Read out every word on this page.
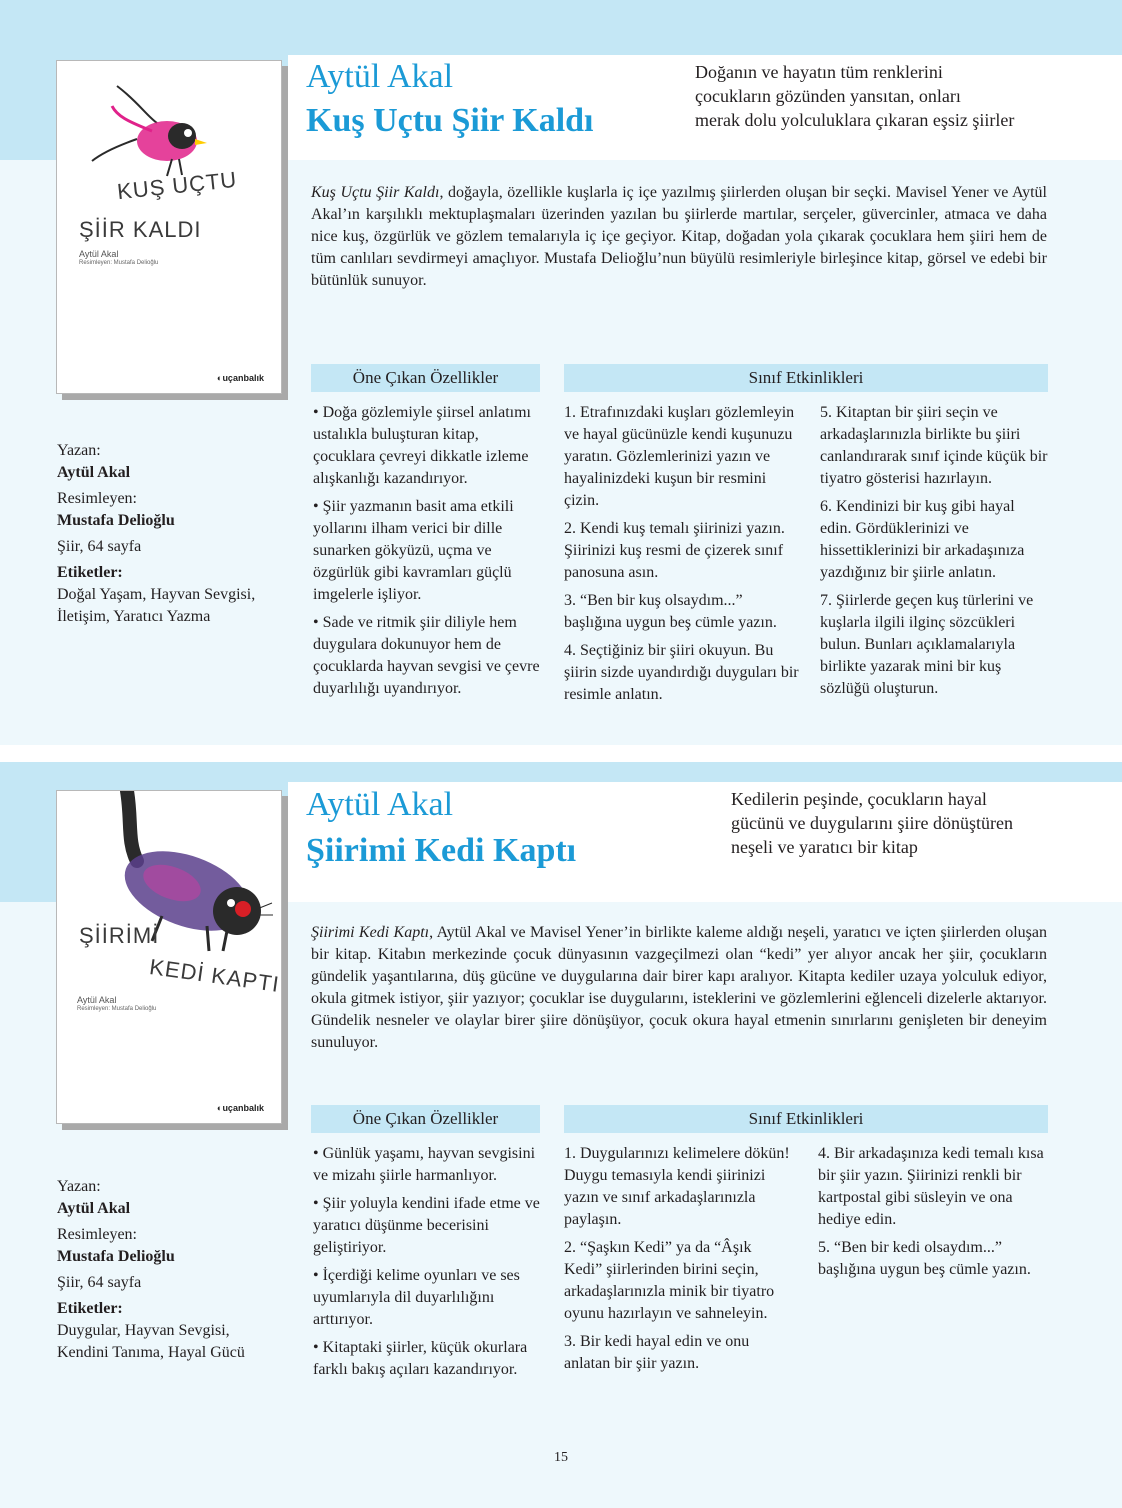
Aytül Akal
Kuş Uçtu Şiir Kaldı
Doğanın ve hayatın tüm renklerini
çocukların gözünden yansıtan, onları
merak dolu yolculuklara çıkaran eşsiz şiirler
KUŞ UÇTU
ŞİİR KALDI
Aytül Akal
Resimleyen: Mustafa Delioğlu
◐uçanbalık
Kuş Uçtu Şiir Kaldı, doğayla, özellikle kuşlarla iç içe yazılmış şiirlerden oluşan bir seçki. Mavisel Yener ve Aytül Akal’ın karşılıklı mektuplaşmaları üzerinden yazılan bu şiirlerde martılar, serçeler, güvercinler, atmaca ve daha nice kuş, özgürlük ve gözlem temalarıyla iç içe geçiyor. Kitap, doğadan yola çıkarak çocuklara hem şiiri hem de tüm canlıları sevdirmeyi amaçlıyor. Mustafa Delioğlu’nun büyülü resimleriyle birleşince kitap, görsel ve edebi bir bütünlük sunuyor.
Yazan:
Aytül Akal
Resimleyen:
Mustafa Delioğlu
Şiir, 64 sayfa
Etiketler:
Doğal Yaşam, Hayvan Sevgisi, İletişim, Yaratıcı Yazma
Öne Çıkan Özellikler	Sınıf Etkinlikleri

• Doğa gözlemiyle şiirsel anlatımı ustalıkla buluşturan kitap, çocuklara çevreyi dikkatle izleme alışkanlığı kazandırıyor.

• Şiir yazmanın basit ama etkili yollarını ilham verici bir dille sunarken gökyüzü, uçma ve özgürlük gibi kavramları güçlü imgelerle işliyor.

• Sade ve ritmik şiir diliyle hem duygulara dokunuyor hem de çocuklarda hayvan sevgisi ve çevre duyarlılığı uyandırıyor.

1. Etrafınızdaki kuşları gözlemleyin ve hayal gücünüzle kendi kuşunuzu yaratın. Gözlemlerinizi yazın ve hayalinizdeki kuşun bir resmini çizin.

2. Kendi kuş temalı şiirinizi yazın. Şiirinizi kuş resmi de çizerek sınıf panosuna asın.

3. “Ben bir kuş olsaydım...” başlığına uygun beş cümle yazın.

4. Seçtiğiniz bir şiiri okuyun. Bu şiirin sizde uyandırdığı duyguları bir resimle anlatın.

5. Kitaptan bir şiiri seçin ve arkadaşlarınızla birlikte bu şiiri canlandırarak sınıf içinde küçük bir tiyatro gösterisi hazırlayın.

6. Kendinizi bir kuş gibi hayal edin. Gördüklerinizi ve hissettiklerinizi bir arkadaşınıza yazdığınız bir şiirle anlatın.

7. Şiirlerde geçen kuş türlerini ve kuşlarla ilgili ilginç sözcükleri bulun. Bunları açıklamalarıyla birlikte yazarak mini bir kuş sözlüğü oluşturun.

Aytül Akal
Şiirimi Kedi Kaptı
Kedilerin peşinde, çocukların hayal
gücünü ve duygularını şiire dönüştüren
neşeli ve yaratıcı bir kitap
ŞİİRİMİ
KEDİ KAPTI
Aytül Akal
Resimleyen: Mustafa Delioğlu
◐uçanbalık
Şiirimi Kedi Kaptı, Aytül Akal ve Mavisel Yener’in birlikte kaleme aldığı neşeli, yaratıcı ve içten şiirlerden oluşan bir kitap. Kitabın merkezinde çocuk dünyasının vazgeçilmezi olan “kedi” yer alıyor ancak her şiir, çocukların gündelik yaşantılarına, düş gücüne ve duygularına dair birer kapı aralıyor. Kitapta kediler uzaya yolculuk ediyor, okula gitmek istiyor, şiir yazıyor; çocuklar ise duygularını, isteklerini ve gözlemlerini eğlenceli dizelerle aktarıyor. Gündelik nesneler ve olaylar birer şiire dönüşüyor, çocuk okura hayal etmenin sınırlarını genişleten bir deneyim sunuluyor.
Yazan:
Aytül Akal
Resimleyen:
Mustafa Delioğlu
Şiir, 64 sayfa
Etiketler:
Duygular, Hayvan Sevgisi, Kendini Tanıma, Hayal Gücü
Öne Çıkan Özellikler	Sınıf Etkinlikleri

• Günlük yaşamı, hayvan sevgisini ve mizahı şiirle harmanlıyor.

• Şiir yoluyla kendini ifade etme ve yaratıcı düşünme becerisini geliştiriyor.

• İçerdiği kelime oyunları ve ses uyumlarıyla dil duyarlılığını arttırıyor.

• Kitaptaki şiirler, küçük okurlara farklı bakış açıları kazandırıyor.

1. Duygularınızı kelimelere dökün! Duygu temasıyla kendi şiirinizi yazın ve sınıf arkadaşlarınızla paylaşın.

2. “Şaşkın Kedi” ya da “Âşık Kedi” şiirlerinden birini seçin, arkadaşlarınızla minik bir tiyatro oyunu hazırlayın ve sahneleyin.

3. Bir kedi hayal edin ve onu anlatan bir şiir yazın.

4. Bir arkadaşınıza kedi temalı kısa bir şiir yazın. Şiirinizi renkli bir kartpostal gibi süsleyin ve ona hediye edin.

5. “Ben bir kedi olsaydım...” başlığına uygun beş cümle yazın.

15
